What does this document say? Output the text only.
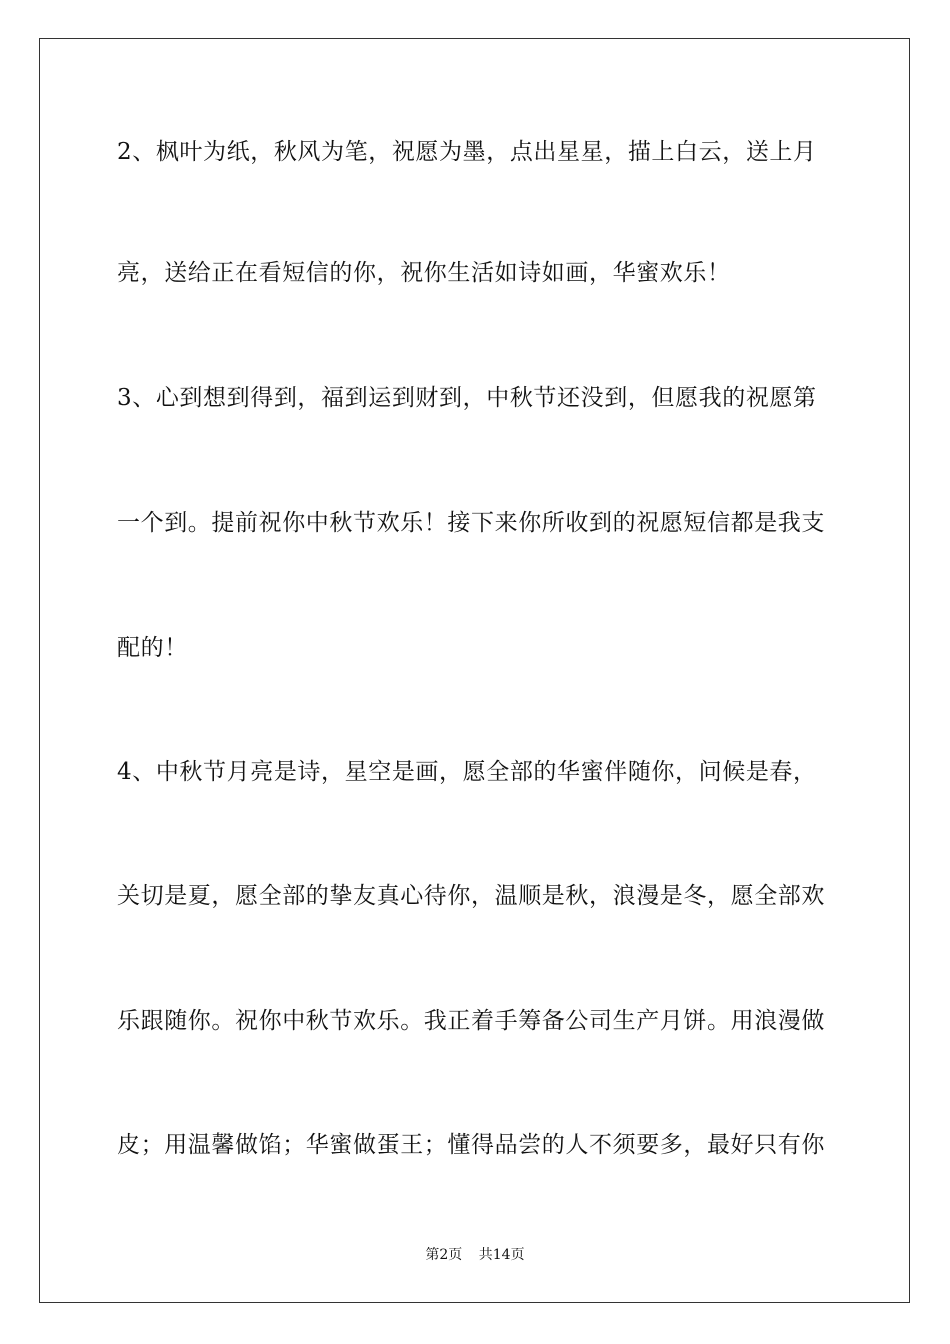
2、枫叶为纸，秋风为笔，祝愿为墨，点出星星，描上白云，送上月
亮，送给正在看短信的你，祝你生活如诗如画，华蜜欢乐！
3、心到想到得到，福到运到财到，中秋节还没到，但愿我的祝愿第
一个到。提前祝你中秋节欢乐！接下来你所收到的祝愿短信都是我支
配的！
4、中秋节月亮是诗，星空是画，愿全部的华蜜伴随你，问候是春，
关切是夏，愿全部的挚友真心待你，温顺是秋，浪漫是冬，愿全部欢
乐跟随你。祝你中秋节欢乐。我正着手筹备公司生产月饼。用浪漫做
皮；用温馨做馅；华蜜做蛋王；懂得品尝的人不须要多，最好只有你
第2页 共14页
